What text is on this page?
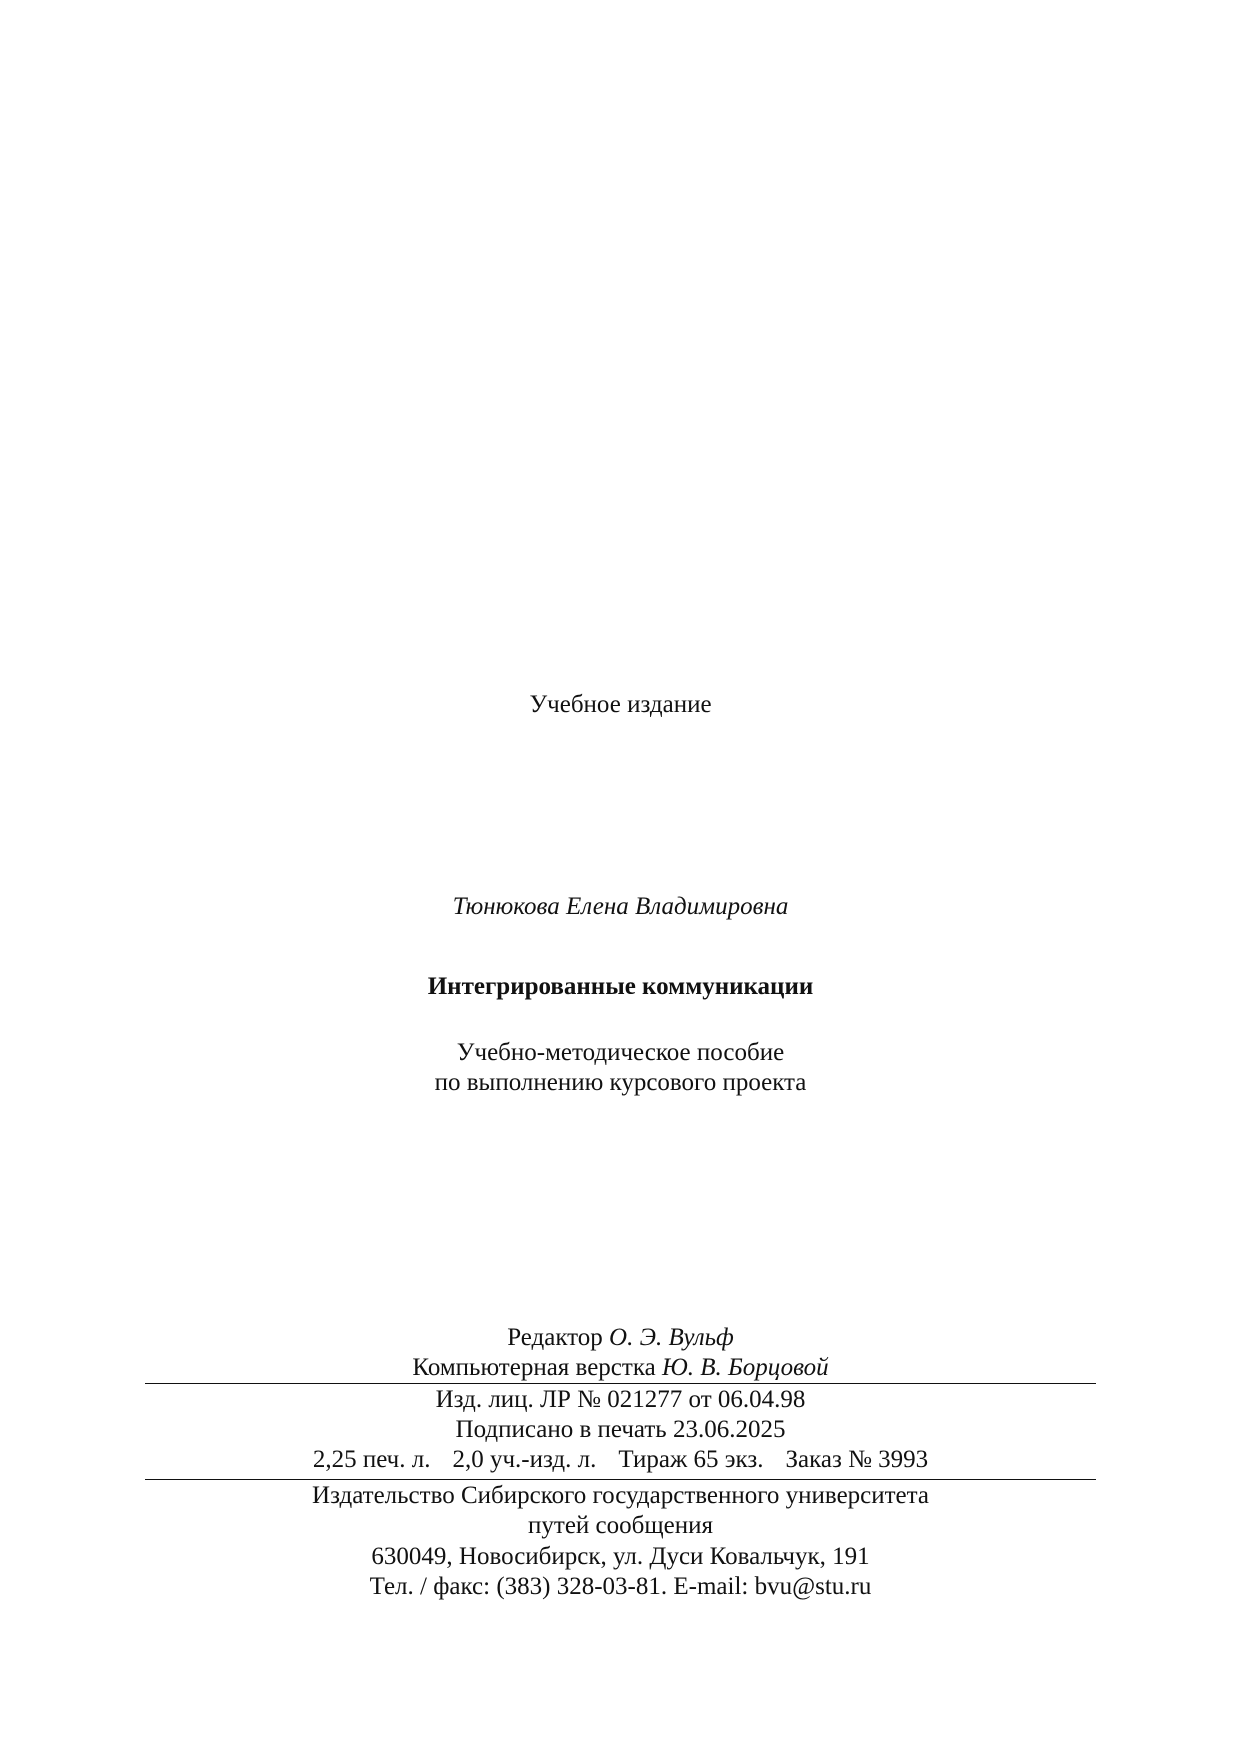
Учебное издание
Тюнюкова Елена Владимировна
Интегрированные коммуникации
Учебно-методическое пособие
по выполнению курсового проекта
Редактор О. Э. Вульф
Компьютерная верстка Ю. В. Борцовой
Изд. лиц. ЛР № 021277 от 06.04.98
Подписано в печать 23.06.2025
2,25 печ. л. 2,0 уч.-изд. л. Тираж 65 экз. Заказ № 3993
Издательство Сибирского государственного университета
путей сообщения
630049, Новосибирск, ул. Дуси Ковальчук, 191
Тел. / факс: (383) 328-03-81. E-mail: bvu@stu.ru
